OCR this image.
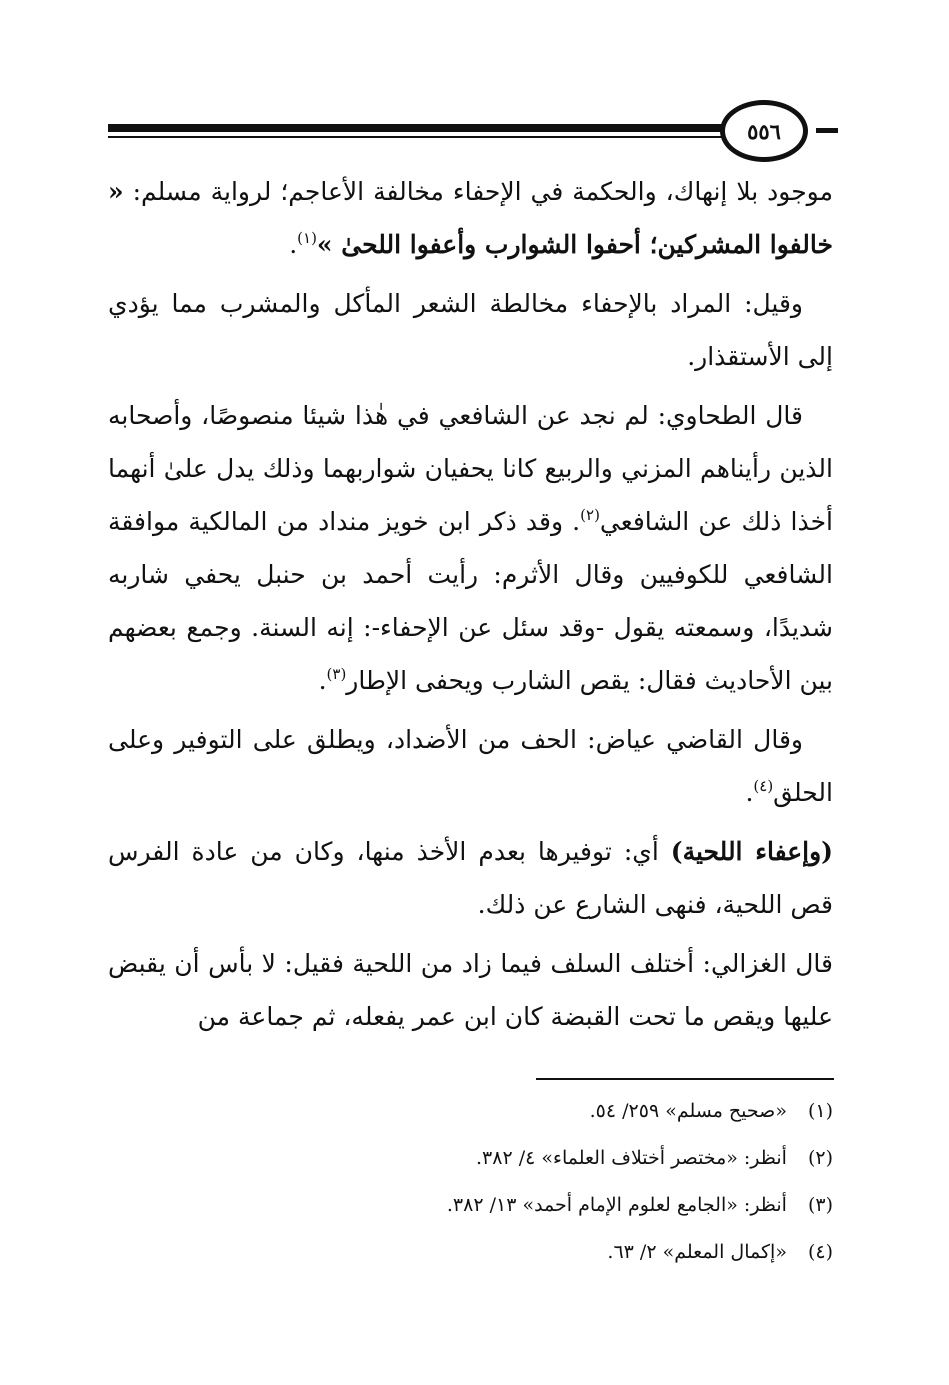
٥٥٦

موجود بلا إنهاك، والحكمة في الإحفاء مخالفة الأعاجم؛ لرواية مسلم: « خالفوا المشركين؛ أحفوا الشوارب وأعفوا اللحىٰ »$^{(١)}$.

وقيل: المراد بالإحفاء مخالطة الشعر المأكل والمشرب مما يؤدي إلى الأستقذار.

قال الطحاوي: لم نجد عن الشافعي في هٰذا شيئا منصوصًا، وأصحابه الذين رأيناهم المزني والربيع كانا يحفيان شواربهما وذلك يدل علىٰ أنهما أخذا ذلك عن الشافعي$^{(٢)}$. وقد ذكر ابن خويز منداد من المالكية موافقة الشافعي للكوفيين وقال الأثرم: رأيت أحمد بن حنبل يحفي شاربه شديدًا، وسمعته يقول -وقد سئل عن الإحفاء-: إنه السنة. وجمع بعضهم بين الأحاديث فقال: يقص الشارب ويحفى الإطار$^{(٣)}$.

وقال القاضي عياض: الحف من الأضداد، ويطلق على التوفير وعلى الحلق$^{(٤)}$.

(وإعفاء اللحية) أي: توفيرها بعدم الأخذ منها، وكان من عادة الفرس قص اللحية، فنهى الشارع عن ذلك.

قال الغزالي: أختلف السلف فيما زاد من اللحية فقيل: لا بأس أن يقبض عليها ويقص ما تحت القبضة كان ابن عمر يفعله، ثم جماعة من

(١) «صحيح مسلم» ٢٥٩/ ٥٤.
(٢) أنظر: «مختصر أختلاف العلماء» ٤/ ٣٨٢.
(٣) أنظر: «الجامع لعلوم الإمام أحمد» ١٣/ ٣٨٢.
(٤) «إكمال المعلم» ٢/ ٦٣.
